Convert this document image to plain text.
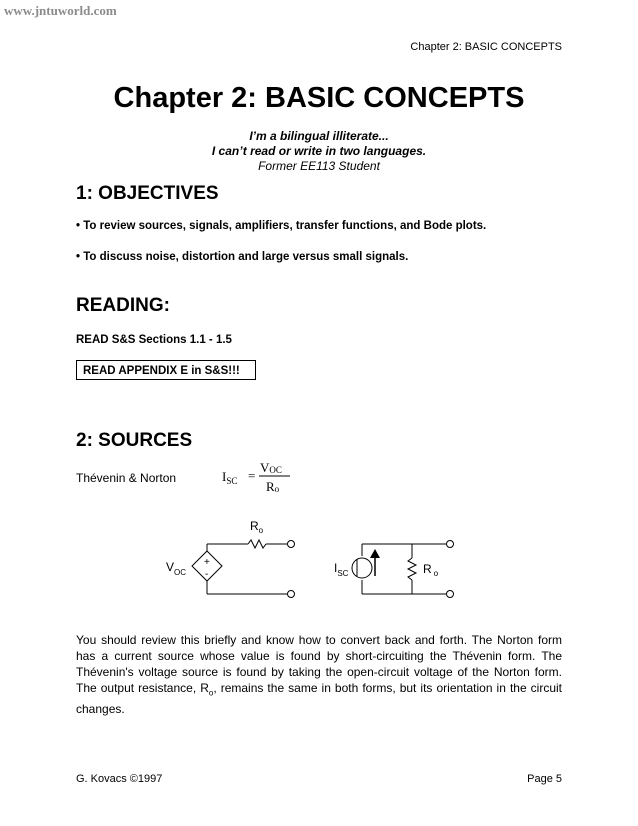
www.jntuworld.com
Chapter 2: BASIC CONCEPTS
Chapter 2: BASIC CONCEPTS
I’m a bilingual illiterate...
I can’t read or write in two languages.
Former EE113 Student
1: OBJECTIVES
• To review sources, signals, amplifiers, transfer functions, and Bode plots.
• To discuss noise, distortion and large versus small signals.
READING:
READ S&S Sections 1.1 - 1.5
READ APPENDIX E in S&S!!!
2: SOURCES
Thévenin & Norton	$I_{SC}$ =
VOC
Ro
+
-
$R_o$
$V_{OC}$	$I_{SC}$	R $_o$
You should review this briefly and know how to convert back and forth. The Norton form has a current source whose value is found by short-circuiting the Thévenin form. The Thévenin's voltage source is found by taking the open-circuit voltage of the Norton form. The output resistance, $R_o$, remains the same in both forms, but its orientation in the circuit changes.
G. Kovacs ©1997	Page 5
